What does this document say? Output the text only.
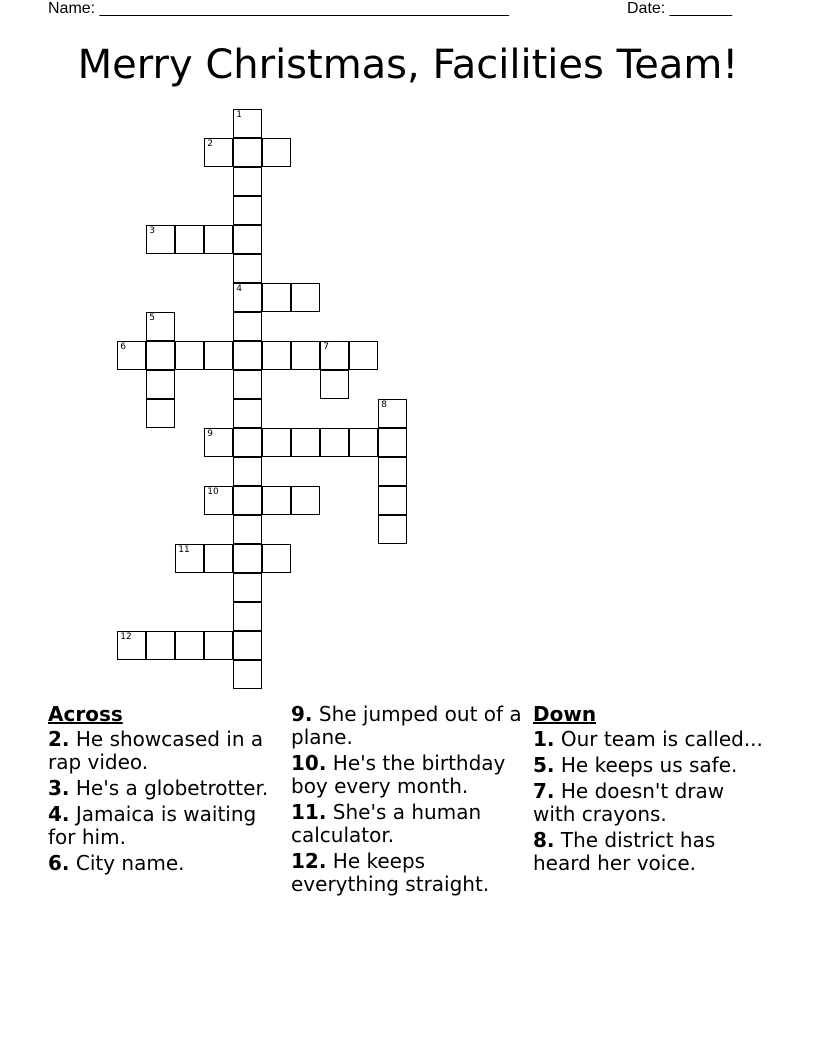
Name: ______________________________________________	Date: _______
Merry Christmas, Facilities Team!
1
4
2
3
5
6	7
8
9
10
11
12
Across
2. He showcased in a rap video.
3. He's a globetrotter.
4. Jamaica is waiting for him.
6. City name.
9. She jumped out of a plane.
10. He's the birthday boy every month.
11. She's a human calculator.
12. He keeps everything straight.
Down
1. Our team is called...
5. He keeps us safe.
7. He doesn't draw with crayons.
8. The district has heard her voice.
